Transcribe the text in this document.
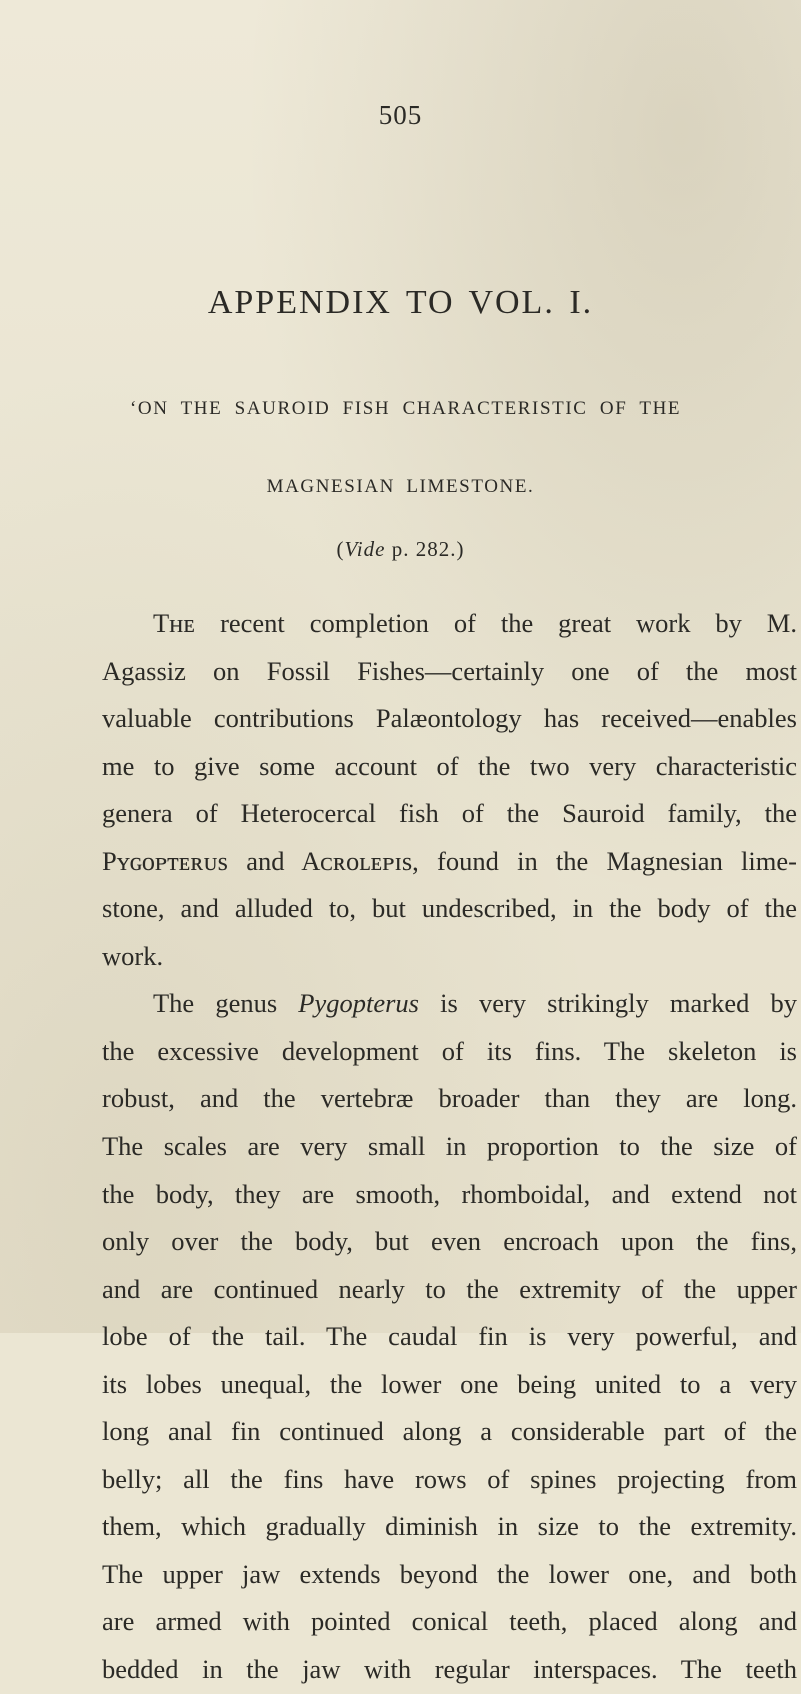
505
APPENDIX TO VOL. I.
‘ON THE SAUROID FISH CHARACTERISTIC OF THE
MAGNESIAN LIMESTONE.
(Vide p. 282.)
Tʜᴇ recent completion of the great work by M.
Agassiz on Fossil Fishes—certainly one of the most
valuable contributions Palæontology has received—enables
me to give some account of the two very characteristic
genera of Heterocercal fish of the Sauroid family, the
Pʏɢᴏᴘᴛᴇʀᴜs and Aᴄʀᴏʟᴇᴘɪs, found in the Magnesian lime-
stone, and alluded to, but undescribed, in the body of the
work.
The genus Pygopterus is very strikingly marked by
the excessive development of its fins. The skeleton is
robust, and the vertebræ broader than they are long.
The scales are very small in proportion to the size of
the body, they are smooth, rhomboidal, and extend not
only over the body, but even encroach upon the fins,
and are continued nearly to the extremity of the upper
lobe of the tail. The caudal fin is very powerful, and
its lobes unequal, the lower one being united to a very
long anal fin continued along a considerable part of the
belly; all the fins have rows of spines projecting from
them, which gradually diminish in size to the extremity.
The upper jaw extends beyond the lower one, and both
are armed with pointed conical teeth, placed along and
bedded in the jaw with regular interspaces. The teeth
